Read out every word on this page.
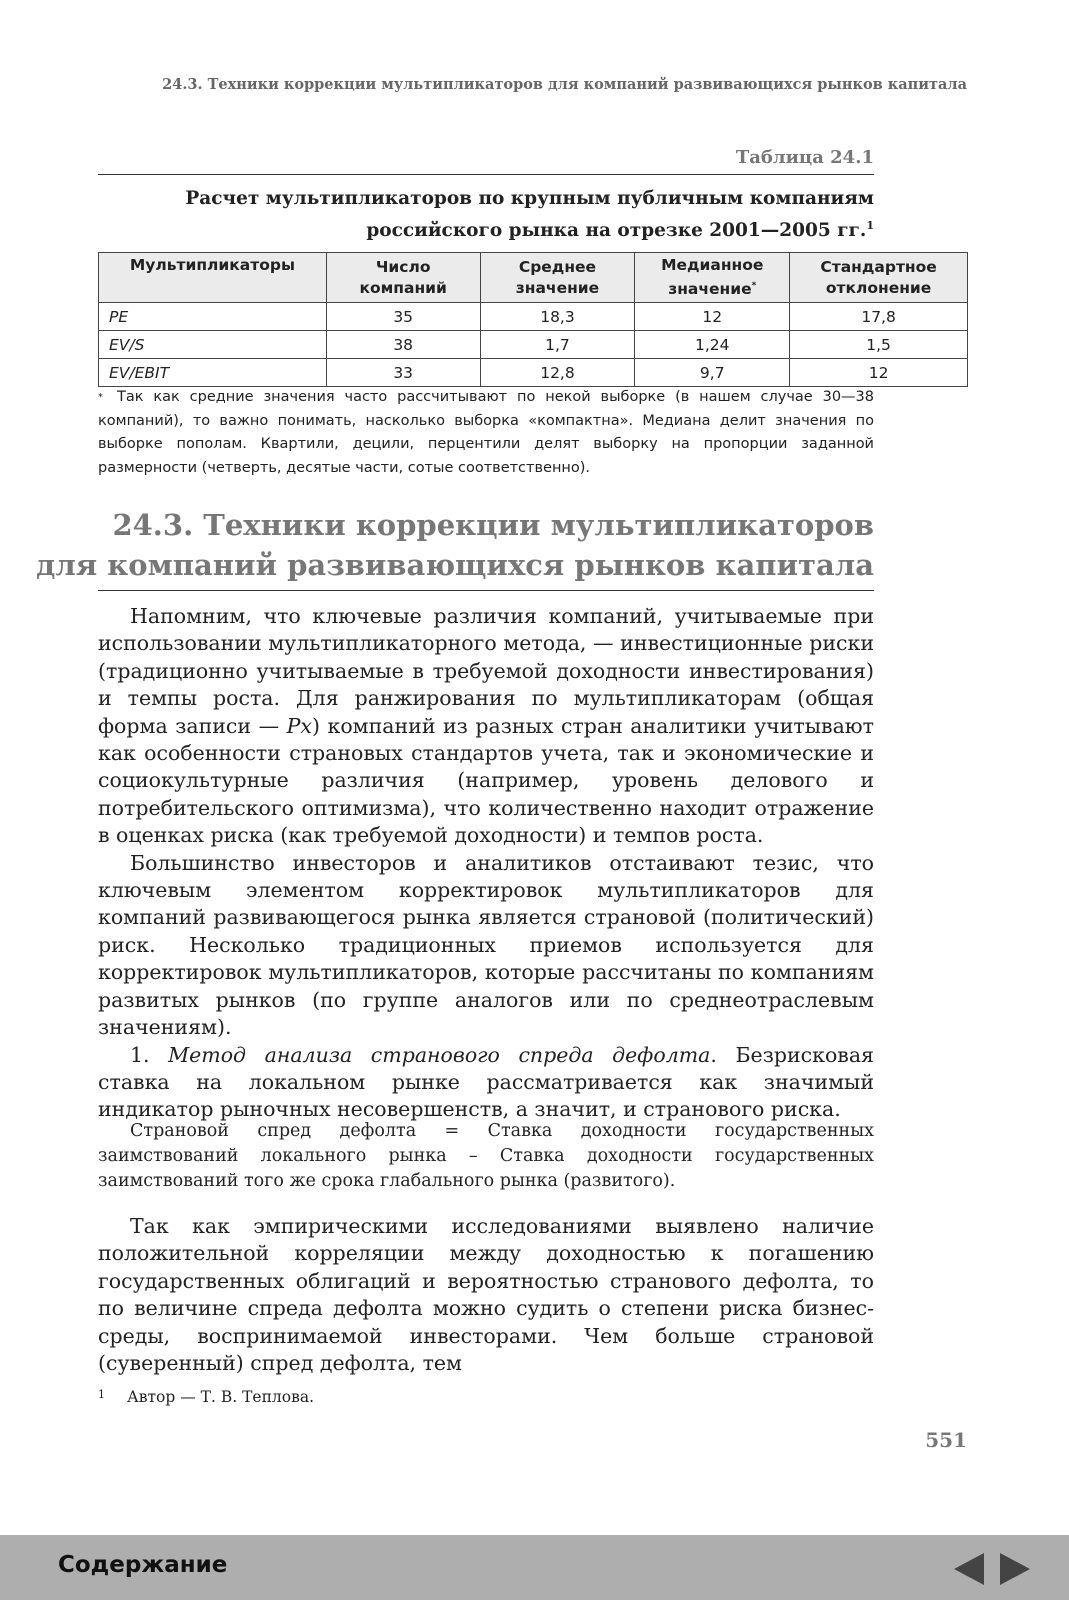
24.3. Техники коррекции мультипликаторов для компаний развивающихся рынков капитала
Таблица 24.1
Расчет мультипликаторов по крупным публичным компаниям
российского рынка на отрезке 2001—2005 гг.$^1$
Мультипликаторы	Число компаний	Среднее значение	Медианное значение*	Стандартное отклонение
PE	35	18,3	12	17,8
EV/S	38	1,7	1,24	1,5
EV/EBIT	33	12,8	9,7	12
* Так как средние значения часто рассчитывают по некой выборке (в нашем случае 30—38 компаний), то важно понимать, насколько выборка «компактна». Медиана делит значения по выборке пополам. Квартили, децили, перцентили делят выборку на пропорции заданной размерности (четверть, десятые части, сотые соответственно).
24.3. Техники коррекции мультипликаторов
для компаний развивающихся рынков капитала

Напомним, что ключевые различия компаний, учитываемые при использовании мультипликаторного метода, — инвестиционные риски (традиционно учитываемые в требуемой доходности инвестирования) и темпы роста. Для ранжирования по мультипликаторам (общая форма записи — Px) компаний из разных стран аналитики учитывают как особенности страновых стандартов учета, так и экономические и социокультурные различия (например, уровень делового и потребительского оптимизма), что количественно находит отражение в оценках риска (как требуемой доходности) и темпов роста.

Большинство инвесторов и аналитиков отстаивают тезис, что ключевым элементом корректировок мультипликаторов для компаний развивающегося рынка является страновой (политический) риск. Несколько традиционных приемов используется для корректировок мультипликаторов, которые рассчитаны по компаниям развитых рынков (по группе аналогов или по среднеотраслевым значениям).

1. Метод анализа странового спреда дефолта. Безрисковая ставка на локальном рынке рассматривается как значимый индикатор рыночных несовершенств, а значит, и странового риска.

Страновой спред дефолта = Ставка доходности государственных заимствований локального рынка – Ставка доходности государственных заимствований того же срока глабального рынка (развитого).

Так как эмпирическими исследованиями выявлено наличие положительной корреляции между доходностью к погашению государственных облигаций и вероятностью странового дефолта, то по величине спреда дефолта можно судить о степени риска бизнес-среды, воспринимаемой инвесторами. Чем больше страновой (суверенный) спред дефолта, тем

$^1$ Автор — Т. В. Теплова.
551
Содержание
